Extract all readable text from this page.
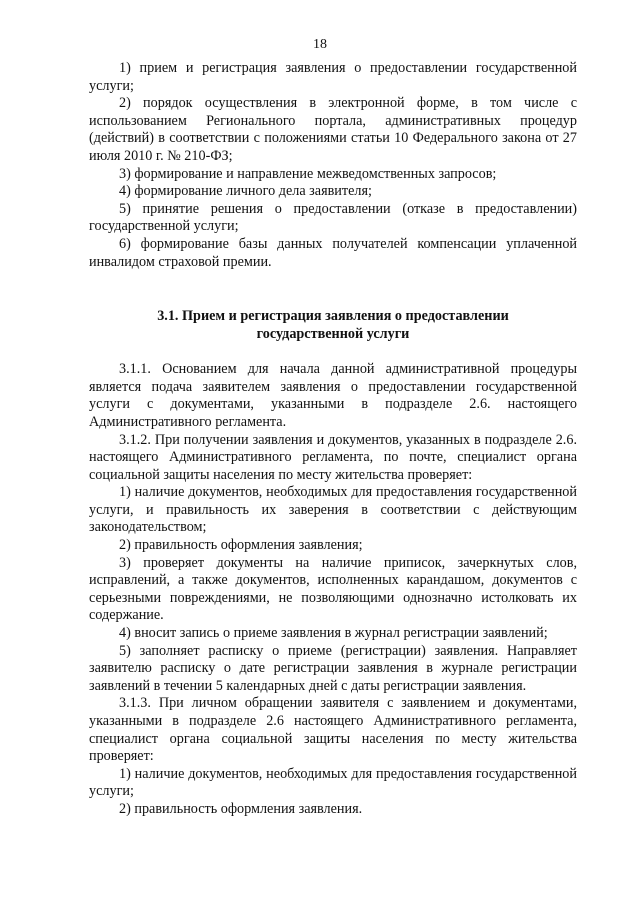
18

1) прием и регистрация заявления о предоставлении государственной услуги;

2) порядок осуществления в электронной форме, в том числе с использованием Регионального портала, административных процедур (действий) в соответствии с положениями статьи 10 Федерального закона от 27 июля 2010 г. № 210-ФЗ;

3) формирование и направление межведомственных запросов;

4) формирование личного дела заявителя;

5) принятие решения о предоставлении (отказе в предоставлении) государственной услуги;

6) формирование базы данных получателей компенсации уплаченной инвалидом страховой премии.

3.1. Прием и регистрация заявления о предоставлении государственной услуги

3.1.1. Основанием для начала данной административной процедуры является подача заявителем заявления о предоставлении государственной услуги с документами, указанными в подразделе 2.6. настоящего Административного регламента.

3.1.2. При получении заявления и документов, указанных в подразделе 2.6. настоящего Административного регламента, по почте, специалист органа социальной защиты населения по месту жительства проверяет:

1) наличие документов, необходимых для предоставления государственной услуги, и правильность их заверения в соответствии с действующим законодательством;

2) правильность оформления заявления;

3) проверяет документы на наличие приписок, зачеркнутых слов, исправлений, а также документов, исполненных карандашом, документов с серьезными повреждениями, не позволяющими однозначно истолковать их содержание.

4) вносит запись о приеме заявления в журнал регистрации заявлений;

5) заполняет расписку о приеме (регистрации) заявления. Направляет заявителю расписку о дате регистрации заявления в журнале регистрации заявлений в течении 5 календарных дней с даты регистрации заявления.

3.1.3. При личном обращении заявителя с заявлением и документами, указанными в подразделе 2.6 настоящего Административного регламента, специалист органа социальной защиты населения по месту жительства проверяет:

1) наличие документов, необходимых для предоставления государственной услуги;

2) правильность оформления заявления.
